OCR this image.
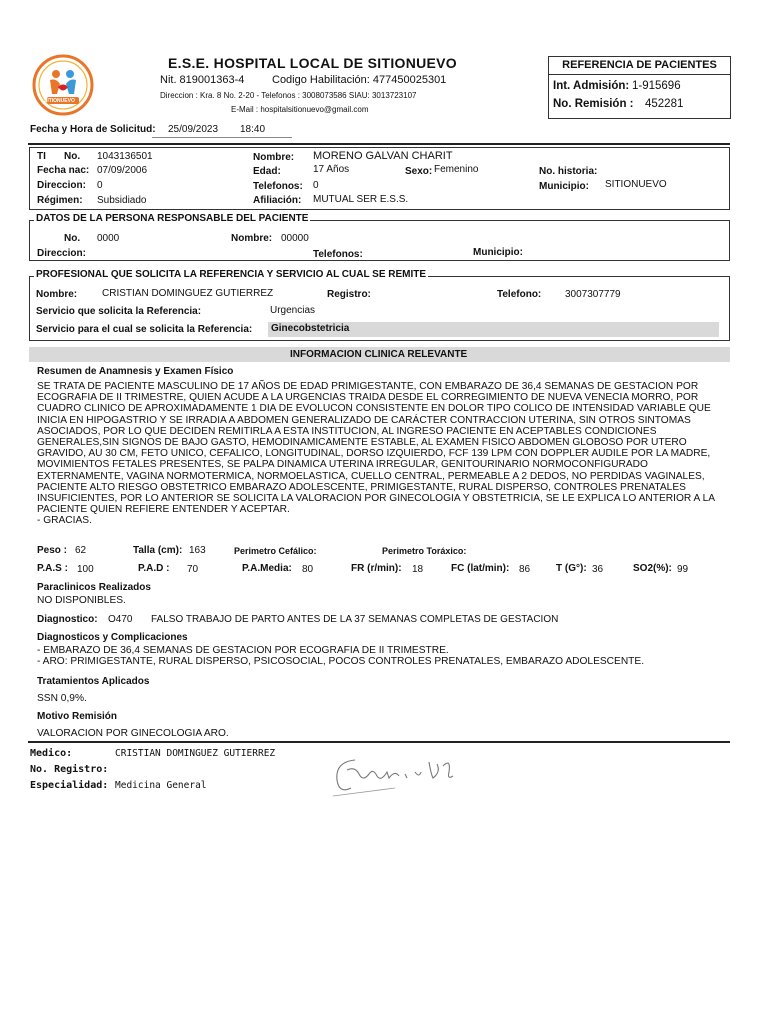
SITIONUEVO
E.S.E. HOSPITAL LOCAL DE SITIONUEVO
Nit. 819001363-4	Codigo Habilitación: 477450025301
Direccion : Kra. 8 No. 2-20 - Telefonos : 3008073586 SIAU: 3013723107
E-Mail : hospitalsitionuevo@gmail.com
REFERENCIA DE PACIENTES
Int. Admisión: 1-915696
No. Remisión : 452281
Fecha y Hora de Solicitud: 25/09/2023 18:40
TI No. 1043136501
Fecha nac: 07/09/2006
Direccion: 0
Régimen: Subsidiado
Nombre: MORENO GALVAN CHARIT
Edad:	17 Años	Sexo: Femenino
Telefonos: 0
Afiliación: MUTUAL SER E.S.S.
No. historia:
Municipio: SITIONUEVO
DATOS DE LA PERSONA RESPONSABLE DEL PACIENTE
No. 0000	Nombre: 00000
Direccion:	Telefonos:	Municipio:
PROFESIONAL QUE SOLICITA LA REFERENCIA Y SERVICIO AL CUAL SE REMITE
Nombre: CRISTIAN DOMINGUEZ GUTIERREZ	Registro:	Telefono: 3007307779
Servicio que solicita la Referencia:	Urgencias
Servicio para el cual se solicita la Referencia: Ginecobstetricia
INFORMACION CLINICA RELEVANTE
Resumen de Anamnesis y Examen Físico
SE TRATA DE PACIENTE MASCULINO DE 17 AÑOS DE EDAD PRIMIGESTANTE, CON EMBARAZO DE 36,4 SEMANAS DE GESTACION POR
ECOGRAFIA DE II TRIMESTRE, QUIEN ACUDE A LA URGENCIAS TRAIDA DESDE EL CORREGIMIENTO DE NUEVA VENECIA MORRO, POR
CUADRO CLINICO DE APROXIMADAMENTE 1 DIA DE EVOLUCON CONSISTENTE EN DOLOR TIPO COLICO DE INTENSIDAD VARIABLE QUE
INICIA EN HIPOGASTRIO Y SE IRRADIA A ABDOMEN GENERALIZADO DE CARÁCTER CONTRACCION UTERINA, SIN OTROS SINTOMAS
ASOCIADOS, POR LO QUE DECIDEN REMITIRLA A ESTA INSTITUCION, AL INGRESO PACIENTE EN ACEPTABLES CONDICIONES
GENERALES,SIN SIGNOS DE BAJO GASTO, HEMODINAMICAMENTE ESTABLE, AL EXAMEN FISICO ABDOMEN GLOBOSO POR UTERO
GRAVIDO, AU 30 CM, FETO UNICO, CEFALICO, LONGITUDINAL, DORSO IZQUIERDO, FCF 139 LPM CON DOPPLER AUDILE POR LA MADRE,
MOVIMIENTOS FETALES PRESENTES, SE PALPA DINAMICA UTERINA IRREGULAR, GENITOURINARIO NORMOCONFIGURADO
EXTERNAMENTE, VAGINA NORMOTERMICA, NORMOELASTICA, CUELLO CENTRAL, PERMEABLE A 2 DEDOS, NO PERDIDAS VAGINALES,
PACIENTE ALTO RIESGO OBSTETRICO EMBARAZO ADOLESCENTE, PRIMIGESTANTE, RURAL DISPERSO, CONTROLES PRENATALES
INSUFICIENTES, POR LO ANTERIOR SE SOLICITA LA VALORACION POR GINECOLOGIA Y OBSTETRICIA, SE LE EXPLICA LO ANTERIOR A LA
PACIENTE QUIEN REFIERE ENTENDER Y ACEPTAR.
- GRACIAS.
Peso : 62	Talla (cm): 163	Perimetro Cefálico:	Perimetro Toráxico:
P.A.S : 100	P.A.D : 70	P.A.Media: 80	FR (r/min): 18	FC (lat/min): 86	T (G°): 36	SO2(%): 99
Paraclinicos Realizados
NO DISPONIBLES.
Diagnostico: O470 FALSO TRABAJO DE PARTO ANTES DE LA 37 SEMANAS COMPLETAS DE GESTACION
Diagnosticos y Complicaciones
- EMBARAZO DE 36,4 SEMANAS DE GESTACION POR ECOGRAFIA DE II TRIMESTRE.
- ARO: PRIMIGESTANTE, RURAL DISPERSO, PSICOSOCIAL, POCOS CONTROLES PRENATALES, EMBARAZO ADOLESCENTE.
Tratamientos Aplicados
SSN 0,9%.
Motivo Remisión
VALORACION POR GINECOLOGIA ARO.
Medico:	CRISTIAN DOMINGUEZ GUTIERREZ
No. Registro:
Especialidad: Medicina General
